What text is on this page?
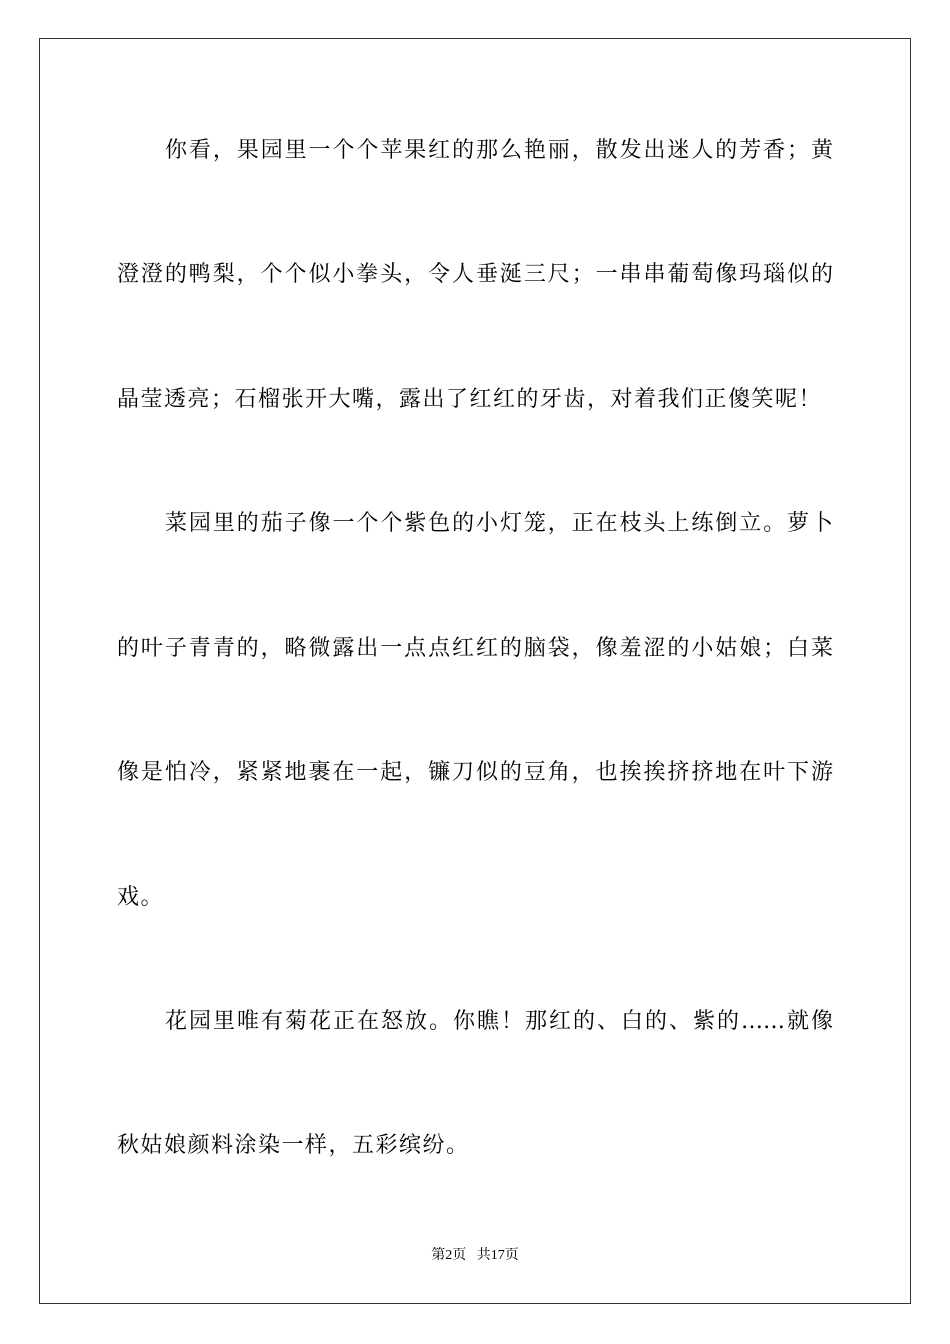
你看，果园里一个个苹果红的那么艳丽，散发出迷人的芳香；黄
澄澄的鸭梨，个个似小拳头，令人垂涎三尺；一串串葡萄像玛瑙似的
晶莹透亮；石榴张开大嘴，露出了红红的牙齿，对着我们正傻笑呢！
菜园里的茄子像一个个紫色的小灯笼，正在枝头上练倒立。萝卜
的叶子青青的，略微露出一点点红红的脑袋，像羞涩的小姑娘；白菜
像是怕冷，紧紧地裹在一起，镰刀似的豆角，也挨挨挤挤地在叶下游
戏。
花园里唯有菊花正在怒放。你瞧！那红的、白的、紫的……就像
秋姑娘颜料涂染一样，五彩缤纷。
第2页 共17页
